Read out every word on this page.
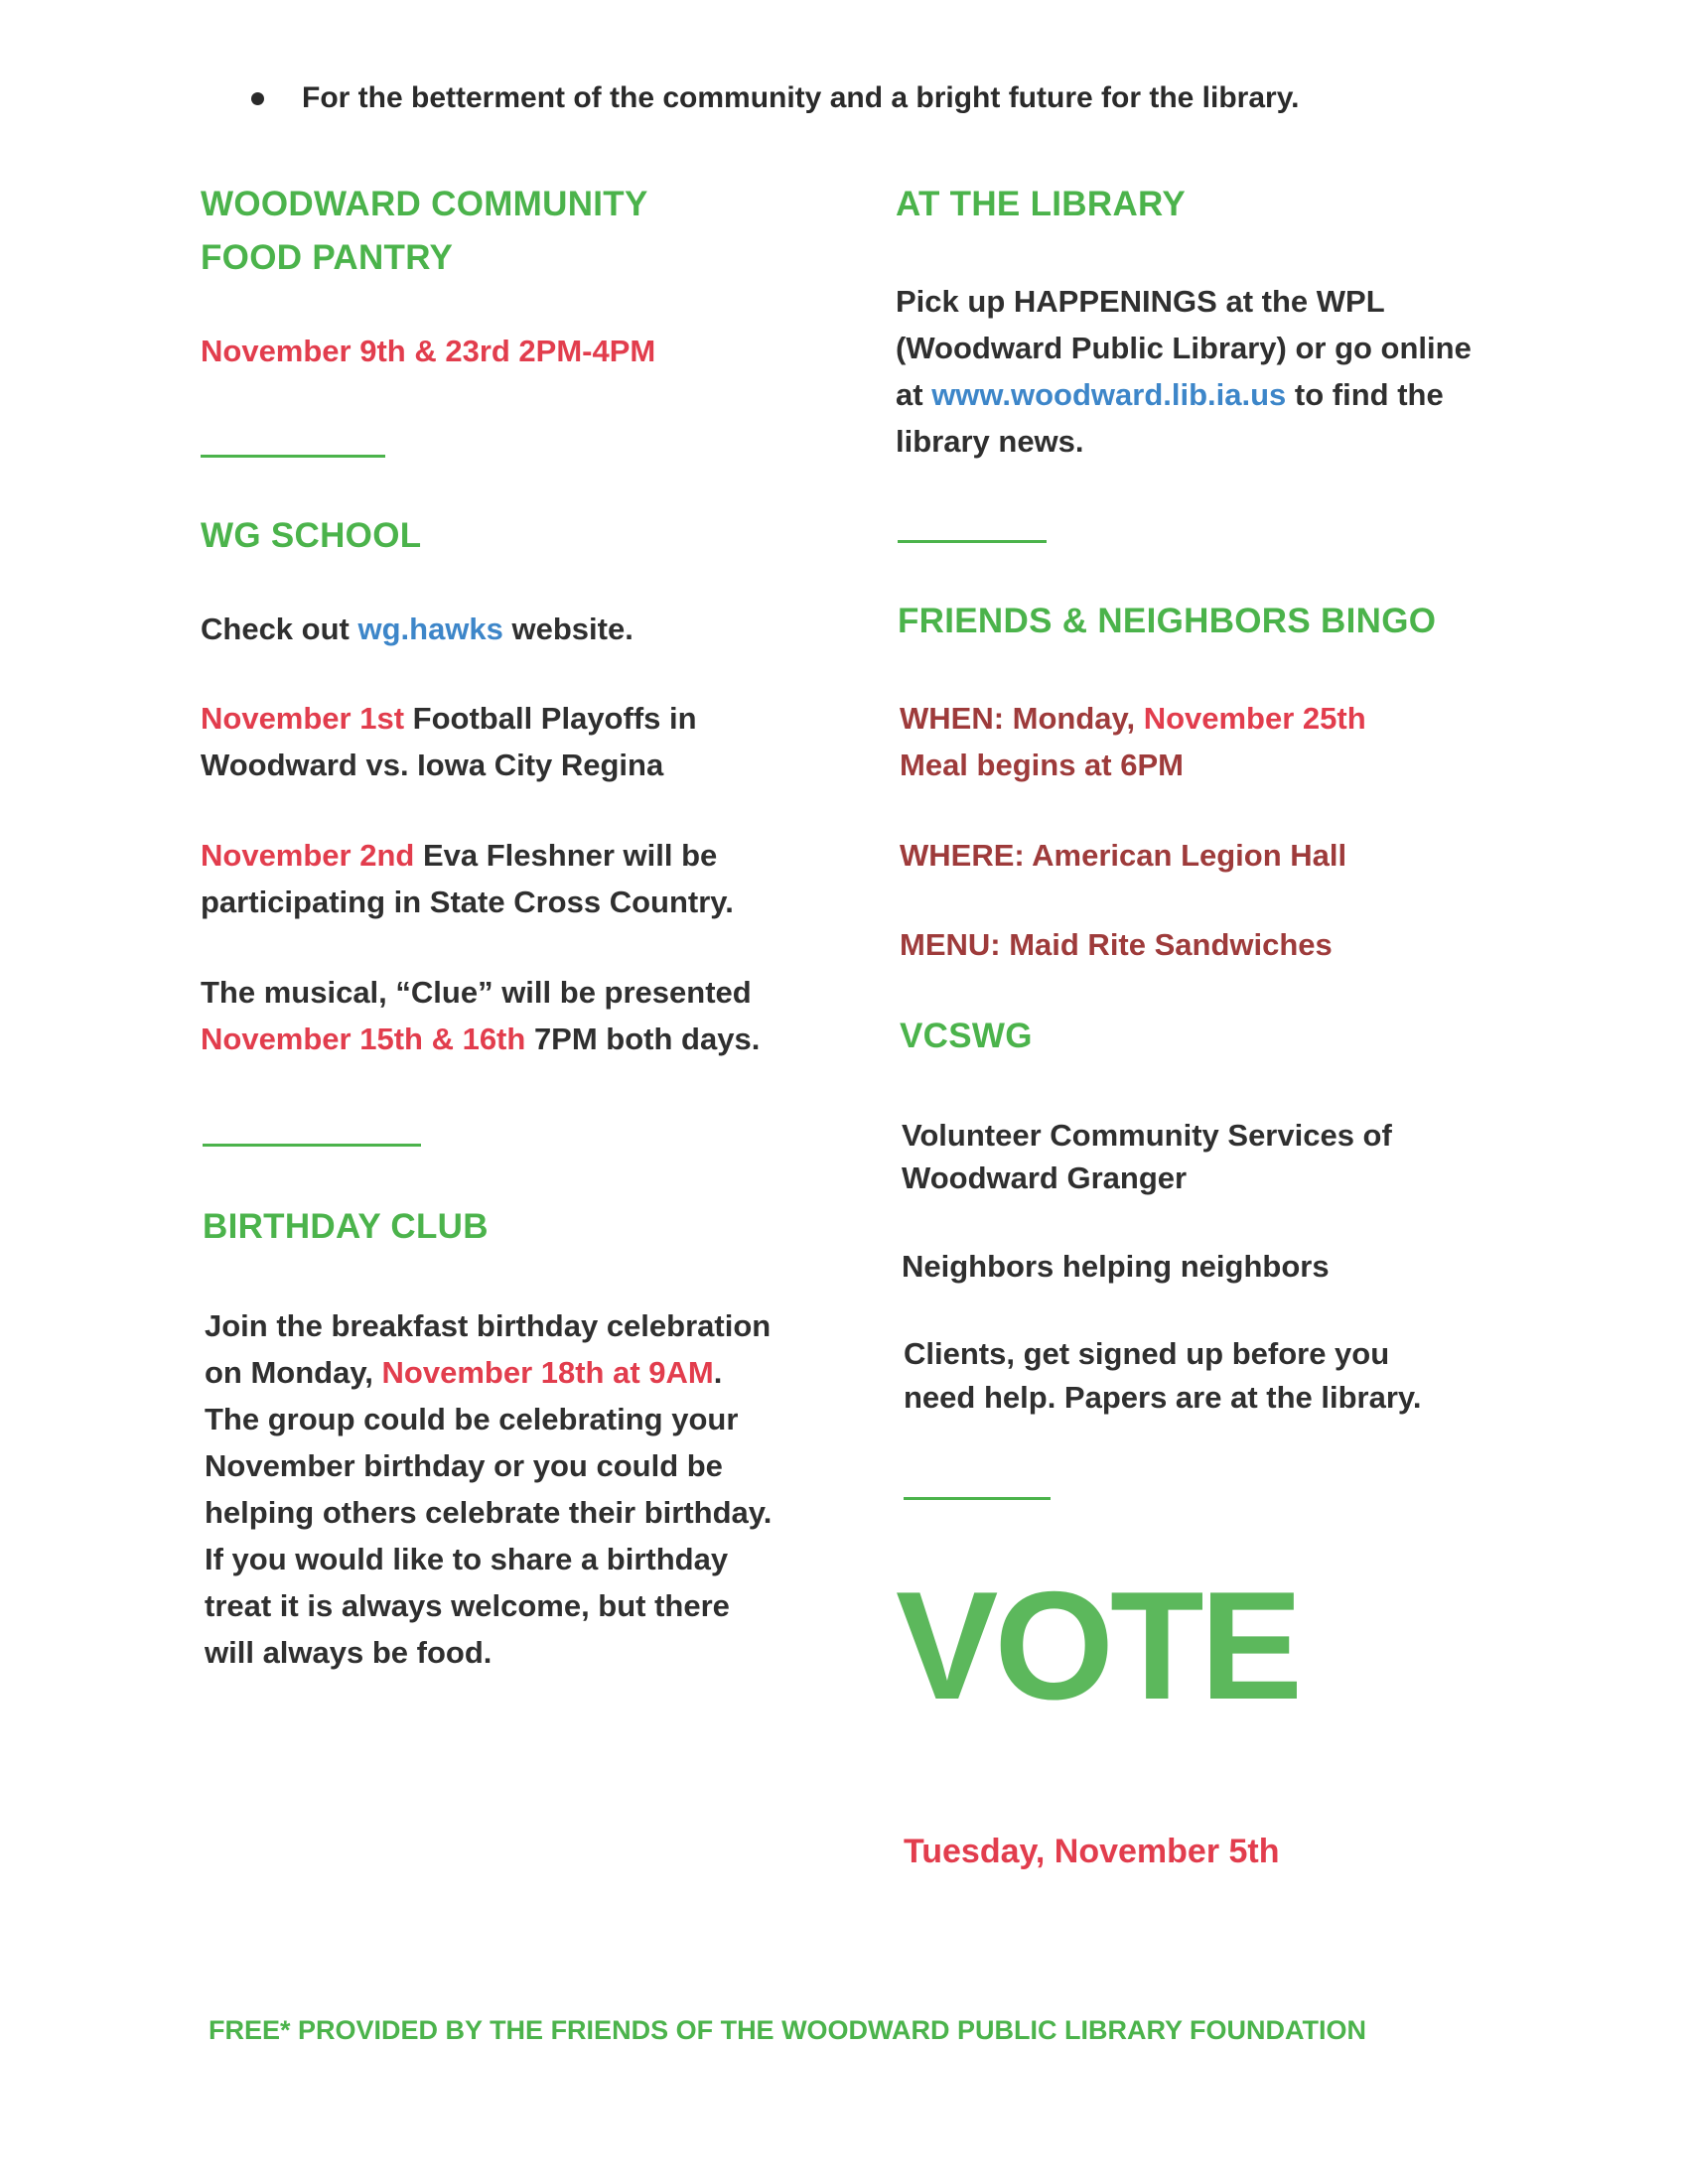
For the betterment of the community and a bright future for the library.

WOODWARD COMMUNITY

FOOD PANTRY

November 9th & 23rd 2PM-4PM

WG SCHOOL

Check out wg.hawks website.

November 1st Football Playoffs in

Woodward vs. Iowa City Regina

November 2nd Eva Fleshner will be

participating in State Cross Country.

The musical, “Clue” will be presented

November 15th & 16th 7PM both days.

BIRTHDAY CLUB

Join the breakfast birthday celebration

on Monday, November 18th at 9AM.

The group could be celebrating your

November birthday or you could be

helping others celebrate their birthday.

If you would like to share a birthday

treat it is always welcome, but there

will always be food.

AT THE LIBRARY

Pick up HAPPENINGS at the WPL

(Woodward Public Library) or go online

at www.woodward.lib.ia.us to find the

library news.

FRIENDS & NEIGHBORS BINGO

WHEN: Monday, November 25th

Meal begins at 6PM

WHERE: American Legion Hall

MENU: Maid Rite Sandwiches

VCSWG

Volunteer Community Services of

Woodward Granger

Neighbors helping neighbors

Clients, get signed up before you

need help. Papers are at the library.

VOTE

Tuesday, November 5th

FREE* PROVIDED BY THE FRIENDS OF THE WOODWARD PUBLIC LIBRARY FOUNDATION
